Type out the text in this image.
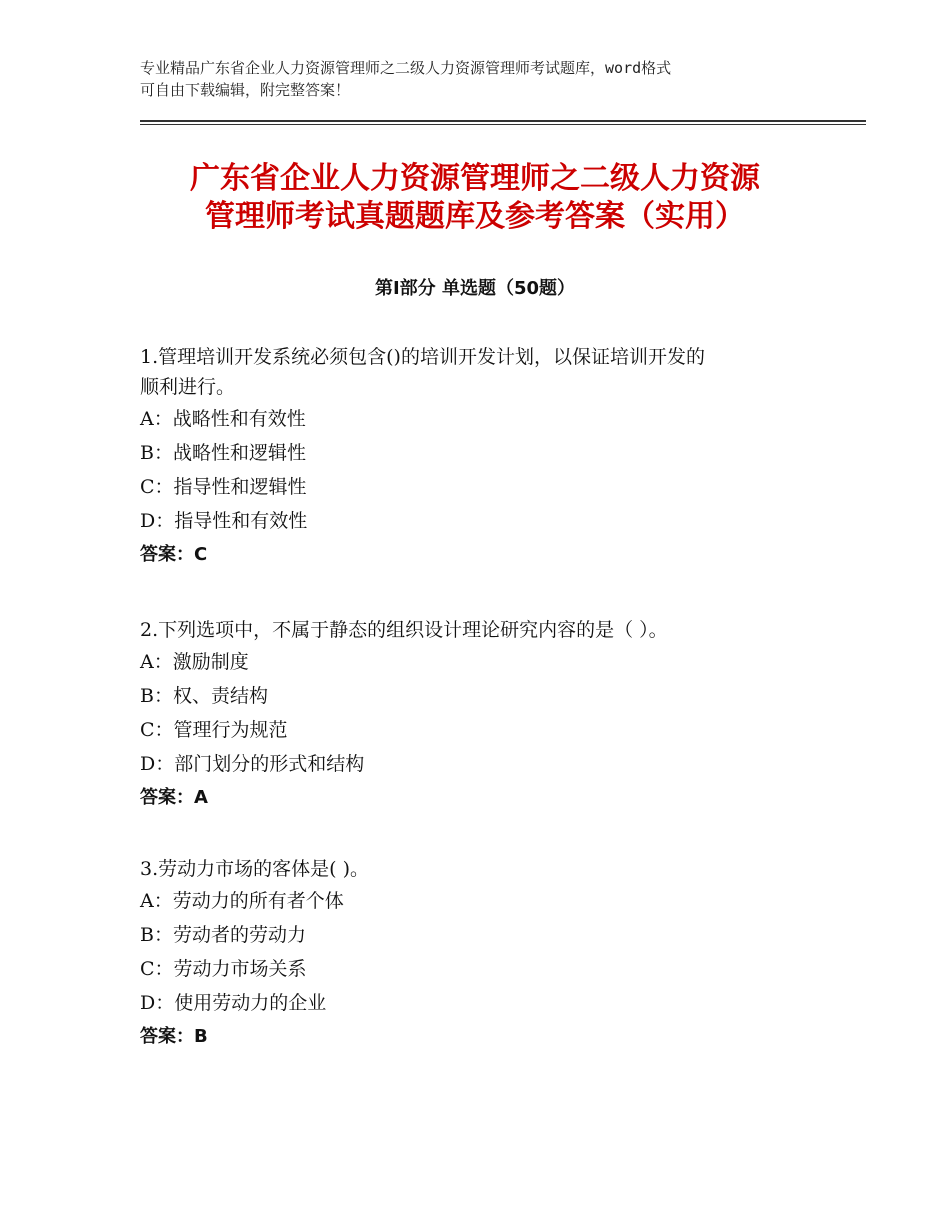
专业精品广东省企业人力资源管理师之二级人力资源管理师考试题库，word格式
可自由下载编辑，附完整答案！
广东省企业人力资源管理师之二级人力资源
管理师考试真题题库及参考答案（实用）
第Ⅰ部分 单选题（50题）

1.管理培训开发系统必须包含()的培训开发计划，以保证培训开发的
顺利进行。

A：战略性和有效性

B：战略性和逻辑性

C：指导性和逻辑性

D：指导性和有效性

答案：C

2.下列选项中，不属于静态的组织设计理论研究内容的是（ ）。

A：激励制度

B：权、责结构

C：管理行为规范

D：部门划分的形式和结构

答案：A

3.劳动力市场的客体是( )。

A：劳动力的所有者个体

B：劳动者的劳动力

C：劳动力市场关系

D：使用劳动力的企业

答案：B
